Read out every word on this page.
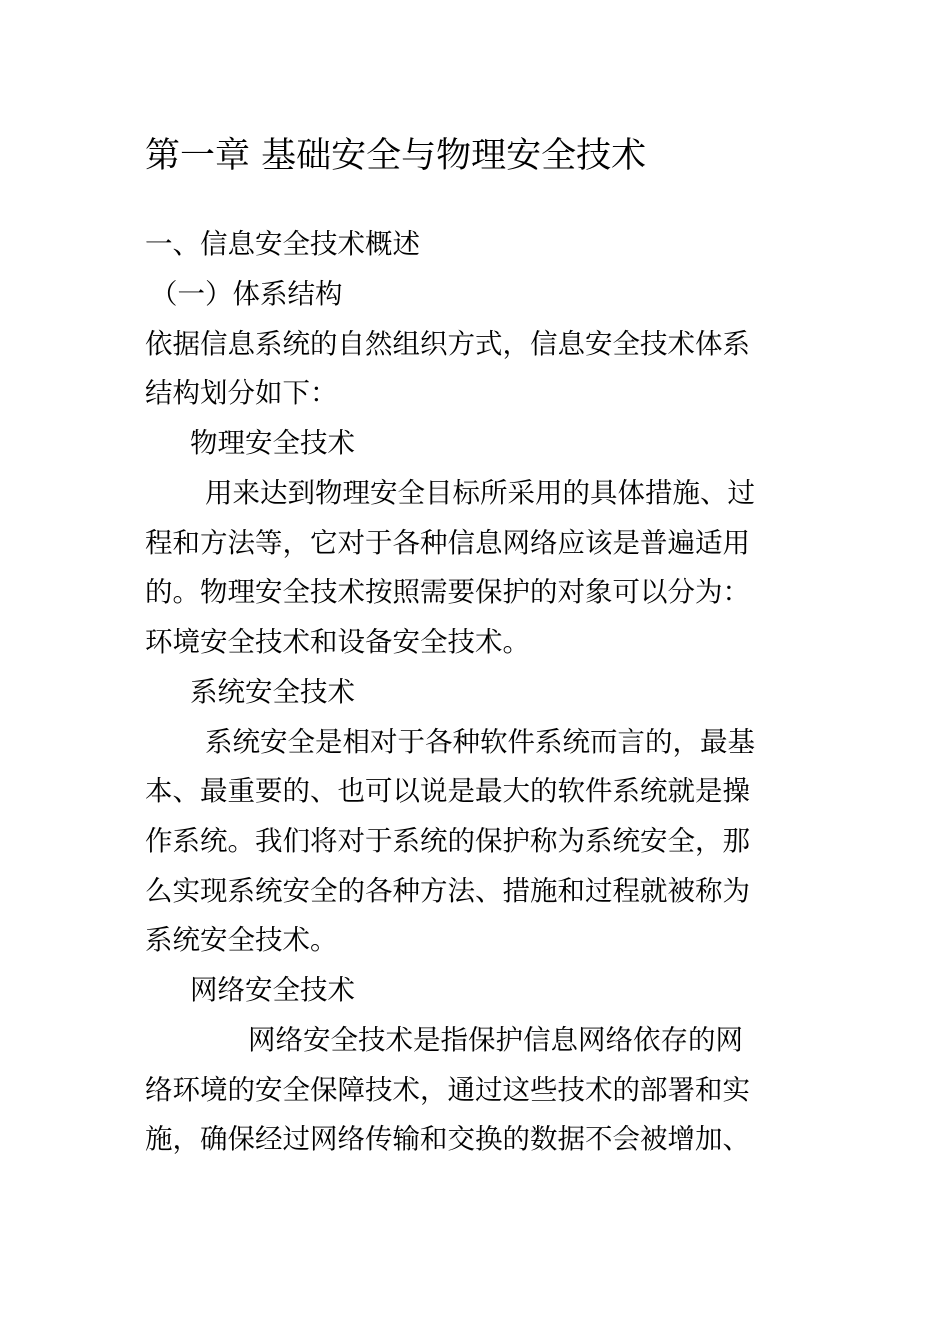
第一章 基础安全与物理安全技术
一、信息安全技术概述
（一）体系结构
依据信息系统的自然组织方式，信息安全技术体系
结构划分如下：
物理安全技术
用来达到物理安全目标所采用的具体措施、过
程和方法等，它对于各种信息网络应该是普遍适用
的。物理安全技术按照需要保护的对象可以分为：
环境安全技术和设备安全技术。
系统安全技术
系统安全是相对于各种软件系统而言的，最基
本、最重要的、也可以说是最大的软件系统就是操
作系统。我们将对于系统的保护称为系统安全，那
么实现系统安全的各种方法、措施和过程就被称为
系统安全技术。
网络安全技术
网络安全技术是指保护信息网络依存的网
络环境的安全保障技术，通过这些技术的部署和实
施，确保经过网络传输和交换的数据不会被增加、
